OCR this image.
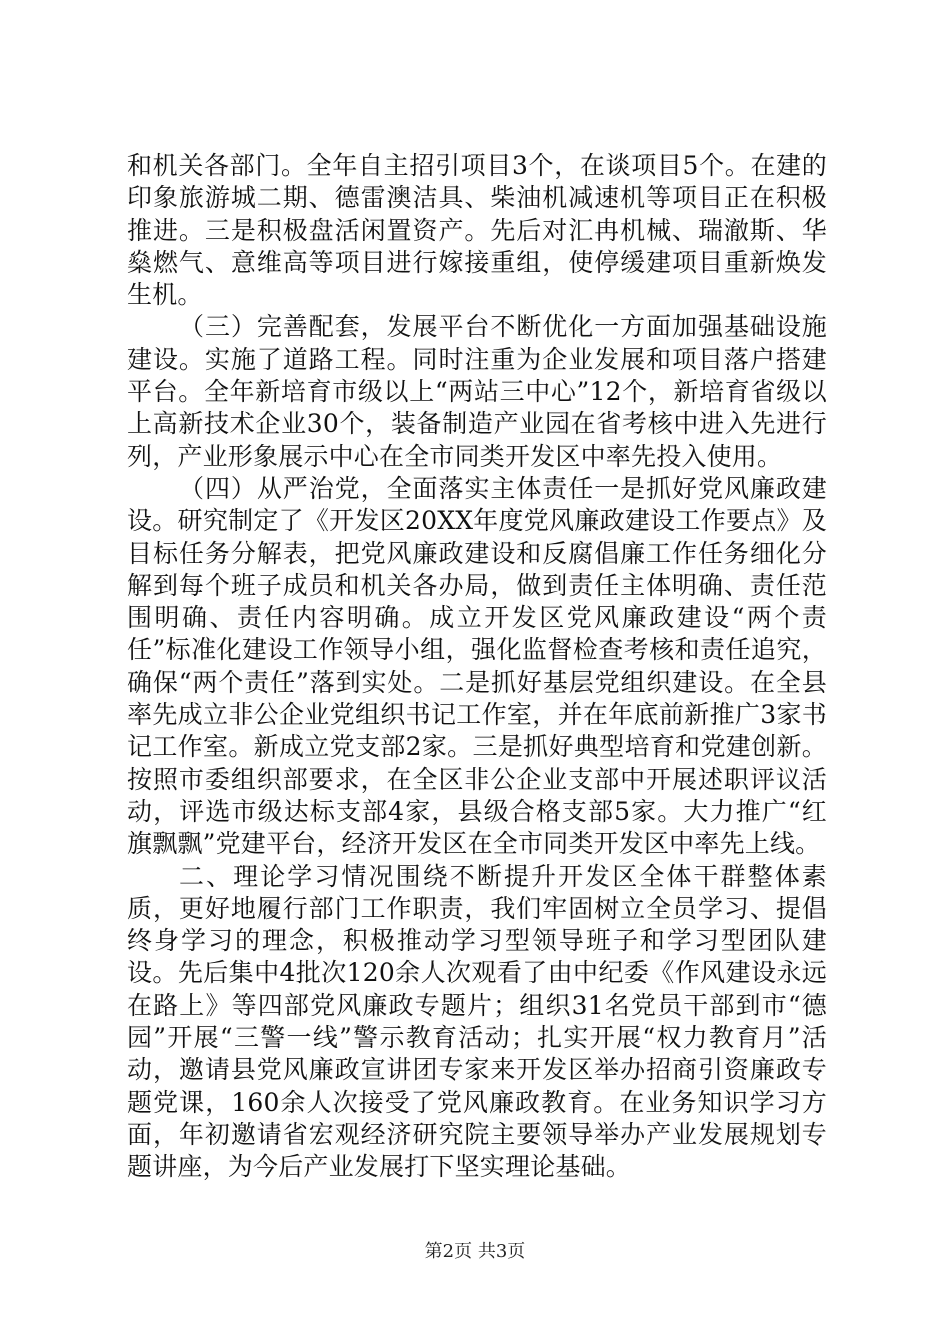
和机关各部门。全年自主招引项目3个，在谈项目5个。在建的印象旅游城二期、德雷澳洁具、柴油机减速机等项目正在积极推进。三是积极盘活闲置资产。先后对汇冉机械、瑞澈斯、华燊燃气、意维高等项目进行嫁接重组，使停缓建项目重新焕发生机。

（三）完善配套，发展平台不断优化一方面加强基础设施建设。实施了道路工程。同时注重为企业发展和项目落户搭建平台。全年新培育市级以上“两站三中心”12个，新培育省级以上高新技术企业30个，装备制造产业园在省考核中进入先进行列，产业形象展示中心在全市同类开发区中率先投入使用。

（四）从严治党，全面落实主体责任一是抓好党风廉政建设。研究制定了《开发区20XX年度党风廉政建设工作要点》及目标任务分解表，把党风廉政建设和反腐倡廉工作任务细化分解到每个班子成员和机关各办局，做到责任主体明确、责任范围明确、责任内容明确。成立开发区党风廉政建设“两个责任”标准化建设工作领导小组，强化监督检查考核和责任追究，确保“两个责任”落到实处。二是抓好基层党组织建设。在全县率先成立非公企业党组织书记工作室，并在年底前新推广3家书记工作室。新成立党支部2家。三是抓好典型培育和党建创新。按照市委组织部要求，在全区非公企业支部中开展述职评议活动，评选市级达标支部4家，县级合格支部5家。大力推广“红旗飘飘”党建平台，经济开发区在全市同类开发区中率先上线。

二、理论学习情况围绕不断提升开发区全体干群整体素质，更好地履行部门工作职责，我们牢固树立全员学习、提倡终身学习的理念，积极推动学习型领导班子和学习型团队建设。先后集中4批次120余人次观看了由中纪委《作风建设永远在路上》等四部党风廉政专题片；组织31名党员干部到市“德园”开展“三警一线”警示教育活动；扎实开展“权力教育月”活动，邀请县党风廉政宣讲团专家来开发区举办招商引资廉政专题党课，160余人次接受了党风廉政教育。在业务知识学习方面，年初邀请省宏观经济研究院主要领导举办产业发展规划专题讲座，为今后产业发展打下坚实理论基础。

第2页 共3页
